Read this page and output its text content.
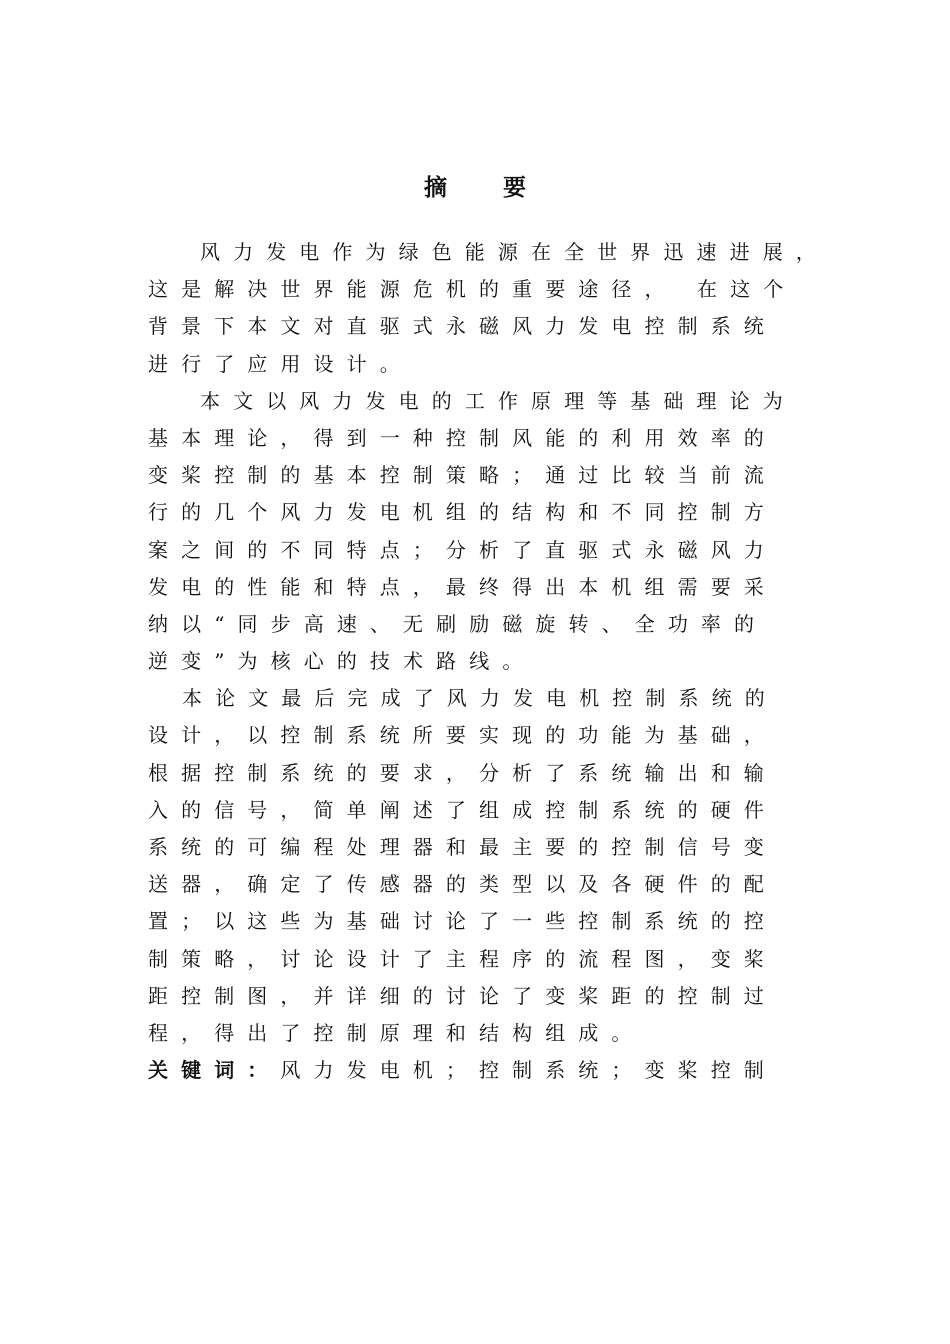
摘 要
风力发电作为绿色能源在全世界迅速进展，
这是解决世界能源危机的重要途径， 在这个
背景下本文对直驱式永磁风力发电控制系统
进行了应用设计。
本文以风力发电的工作原理等基础理论为
基本理论，得到一种控制风能的利用效率的
变桨控制的基本控制策略；通过比较当前流
行的几个风力发电机组的结构和不同控制方
案之间的不同特点；分析了直驱式永磁风力
发电的性能和特点，最终得出本机组需要采
纳以“同步高速、无刷励磁旋转、全功率的
逆变”为核心的技术路线。
本论文最后完成了风力发电机控制系统的
设计，以控制系统所要实现的功能为基础，
根据控制系统的要求，分析了系统输出和输
入的信号，简单阐述了组成控制系统的硬件
系统的可编程处理器和最主要的控制信号变
送器，确定了传感器的类型以及各硬件的配
置；以这些为基础讨论了一些控制系统的控
制策略，讨论设计了主程序的流程图，变桨
距控制图，并详细的讨论了变桨距的控制过
程，得出了控制原理和结构组成。
关键词：风力发电机；控制系统；变桨控制
